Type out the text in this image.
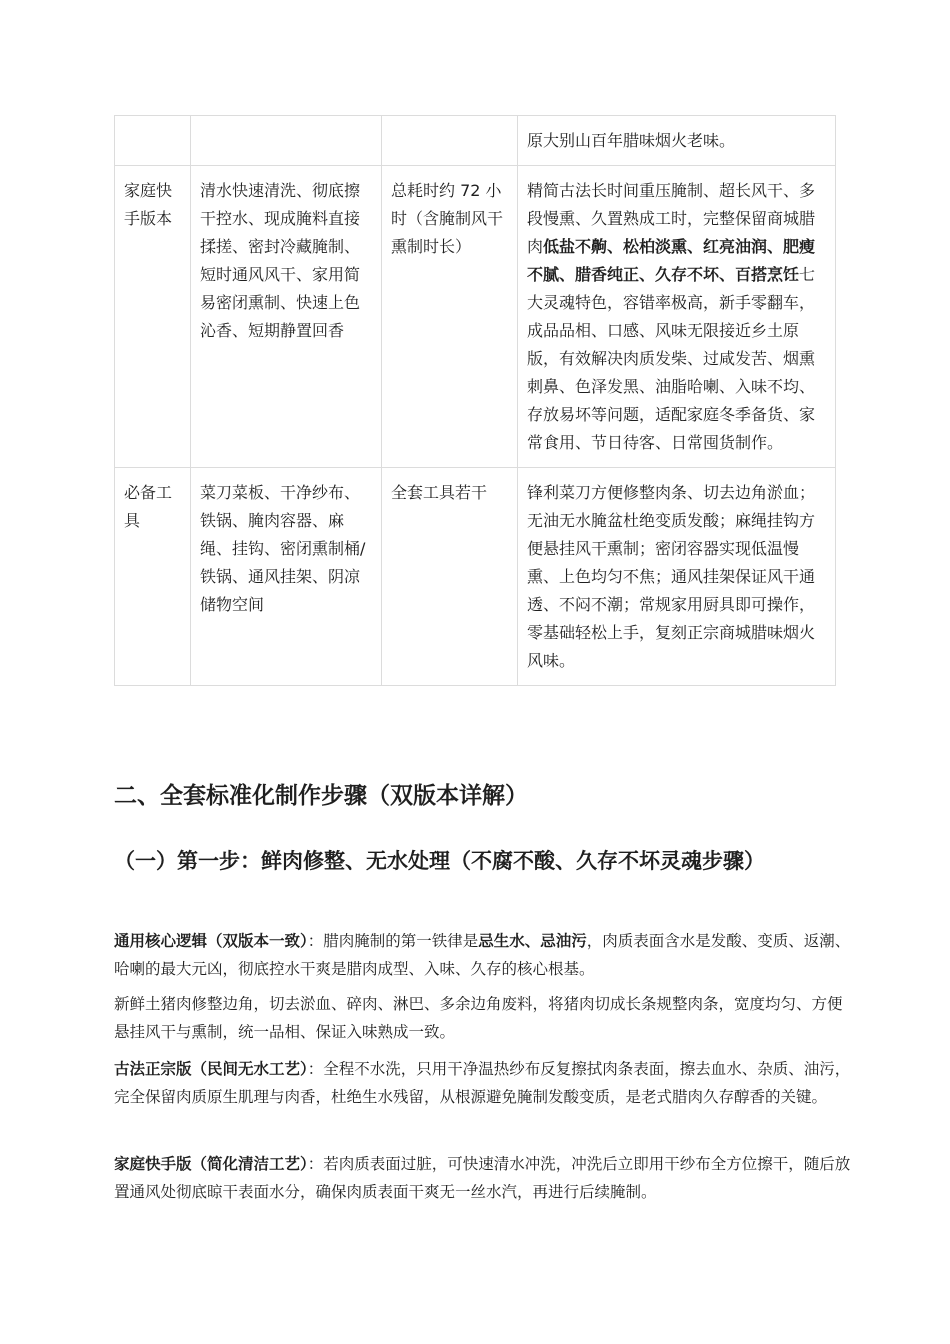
			原大别山百年腊味烟火老味。
家庭快手版本	清水快速清洗、彻底擦干控水、现成腌料直接揉搓、密封冷藏腌制、短时通风风干、家用简易密闭熏制、快速上色沁香、短期静置回香	总耗时约 72 小时（含腌制风干熏制时长）	精简古法长时间重压腌制、超长风干、多段慢熏、久置熟成工时，完整保留商城腊肉低盐不齁、松柏淡熏、红亮油润、肥瘦不腻、腊香纯正、久存不坏、百搭烹饪七大灵魂特色，容错率极高，新手零翻车，成品品相、口感、风味无限接近乡土原版，有效解决肉质发柴、过咸发苦、烟熏刺鼻、色泽发黑、油脂哈喇、入味不均、存放易坏等问题，适配家庭冬季备货、家常食用、节日待客、日常囤货制作。
必备工具	菜刀菜板、干净纱布、铁锅、腌肉容器、麻绳、挂钩、密闭熏制桶/铁锅、通风挂架、阴凉储物空间	全套工具若干	锋利菜刀方便修整肉条、切去边角淤血；无油无水腌盆杜绝变质发酸；麻绳挂钩方便悬挂风干熏制；密闭容器实现低温慢熏、上色均匀不焦；通风挂架保证风干通透、不闷不潮；常规家用厨具即可操作，零基础轻松上手，复刻正宗商城腊味烟火风味。
二、全套标准化制作步骤（双版本详解）
（一）第一步：鲜肉修整、无水处理（不腐不酸、久存不坏灵魂步骤）

通用核心逻辑（双版本一致）：腊肉腌制的第一铁律是忌生水、忌油污，肉质表面含水是发酸、变质、返潮、哈喇的最大元凶，彻底控水干爽是腊肉成型、入味、久存的核心根基。

新鲜土猪肉修整边角，切去淤血、碎肉、淋巴、多余边角废料，将猪肉切成长条规整肉条，宽度均匀、方便悬挂风干与熏制，统一品相、保证入味熟成一致。

古法正宗版（民间无水工艺）：全程不水洗，只用干净温热纱布反复擦拭肉条表面，擦去血水、杂质、油污，完全保留肉质原生肌理与肉香，杜绝生水残留，从根源避免腌制发酸变质，是老式腊肉久存醇香的关键。

家庭快手版（简化清洁工艺）：若肉质表面过脏，可快速清水冲洗，冲洗后立即用干纱布全方位擦干，随后放置通风处彻底晾干表面水分，确保肉质表面干爽无一丝水汽，再进行后续腌制。
